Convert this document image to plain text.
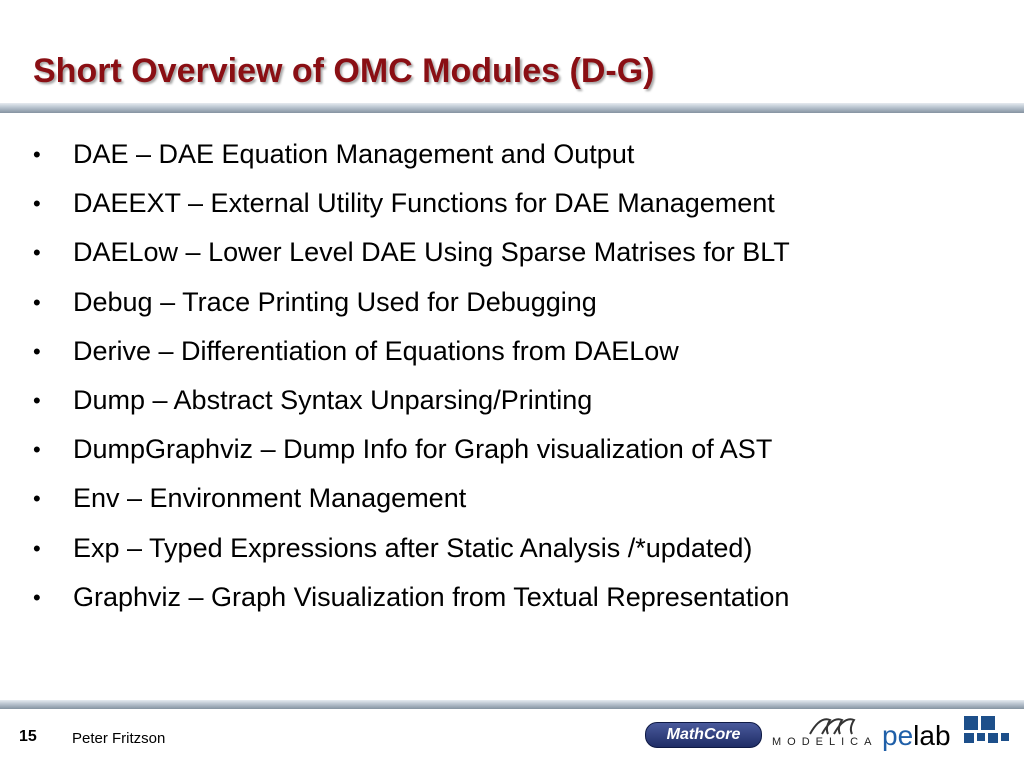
Short Overview of OMC Modules (D-G)
• DAE – DAE Equation Management and Output
• DAEEXT – External Utility Functions for DAE Management
• DAELow – Lower Level DAE Using Sparse Matrises for BLT
• Debug – Trace Printing Used for Debugging
• Derive – Differentiation of Equations from DAELow
• Dump – Abstract Syntax Unparsing/Printing
• DumpGraphviz – Dump Info for Graph visualization of AST
• Env – Environment Management
• Exp – Typed Expressions after Static Analysis /*updated)
• Graphviz – Graph Visualization from Textual Representation
15 Peter Fritzson	MathCore	MODELICA pelab
